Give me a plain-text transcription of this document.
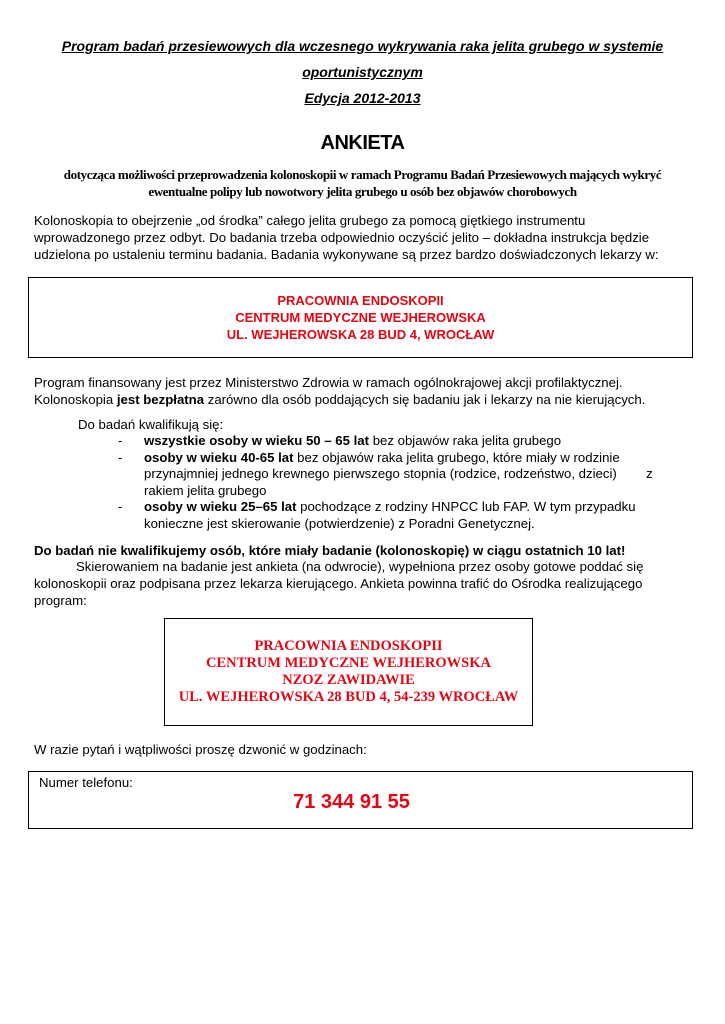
Program badań przesiewowych dla wczesnego wykrywania raka jelita grubego w systemie
oportunistycznym
Edycja 2012-2013
ANKIETA
dotycząca możliwości przeprowadzenia kolonoskopii w ramach Programu Badań Przesiewowych mających wykryć
ewentualne polipy lub nowotwory jelita grubego u osób bez objawów chorobowych
Kolonoskopia to obejrzenie „od środka” całego jelita grubego za pomocą giętkiego instrumentu
wprowadzonego przez odbyt. Do badania trzeba odpowiednio oczyścić jelito – dokładna instrukcja będzie
udzielona po ustaleniu terminu badania. Badania wykonywane są przez bardzo doświadczonych lekarzy w:
PRACOWNIA ENDOSKOPII
CENTRUM MEDYCZNE WEJHEROWSKA
UL. WEJHEROWSKA 28 BUD 4, WROCŁAW
Program finansowany jest przez Ministerstwo Zdrowia w ramach ogólnokrajowej akcji profilaktycznej.
Kolonoskopia jest bezpłatna zarówno dla osób poddających się badaniu jak i lekarzy na nie kierujących.
Do badań kwalifikują się:
- wszystkie osoby w wieku 50 – 65 lat bez objawów raka jelita grubego
- osoby w wieku 40-65 lat bez objawów raka jelita grubego, które miały w rodzinie
przynajmniej jednego krewnego pierwszego stopnia (rodzice, rodzeństwo, dzieci)        z
rakiem jelita grubego
- osoby w wieku 25–65 lat pochodzące z rodziny HNPCC lub FAP. W tym przypadku
konieczne jest skierowanie (potwierdzenie) z Poradni Genetycznej.
Do badań nie kwalifikujemy osób, które miały badanie (kolonoskopię) w ciągu ostatnich 10 lat!
Skierowaniem na badanie jest ankieta (na odwrocie), wypełniona przez osoby gotowe poddać się
kolonoskopii oraz podpisana przez lekarza kierującego. Ankieta powinna trafić do Ośrodka realizującego
program:
PRACOWNIA ENDOSKOPII
CENTRUM MEDYCZNE WEJHEROWSKA
NZOZ ZAWIDAWIE
UL. WEJHEROWSKA 28 BUD 4, 54-239 WROCŁAW
W razie pytań i wątpliwości proszę dzwonić w godzinach:
Numer telefonu:
71 344 91 55
